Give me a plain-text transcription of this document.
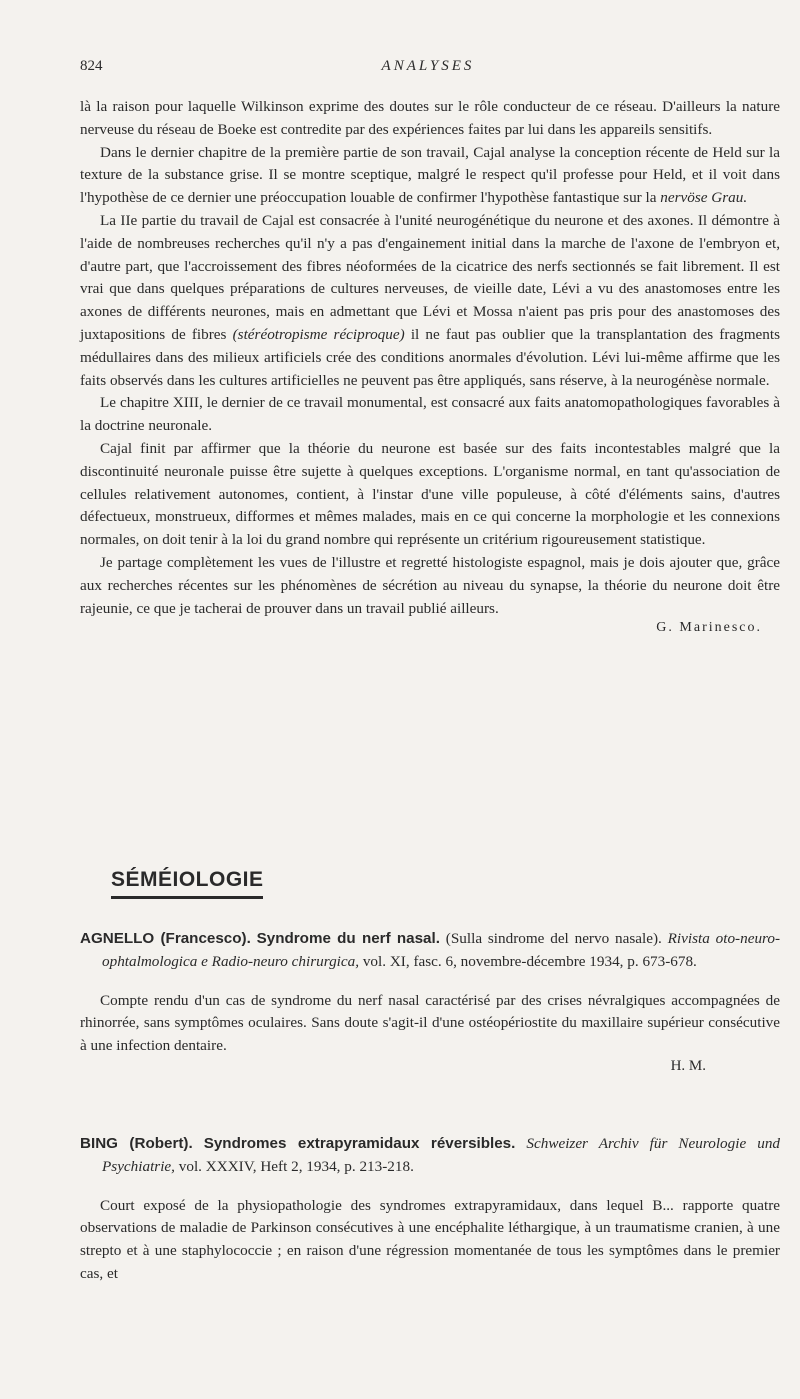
824	ANALYSES

là la raison pour laquelle Wilkinson exprime des doutes sur le rôle conducteur de ce réseau. D'ailleurs la nature nerveuse du réseau de Boeke est contredite par des expériences faites par lui dans les appareils sensitifs.

Dans le dernier chapitre de la première partie de son travail, Cajal analyse la conception récente de Held sur la texture de la substance grise. Il se montre sceptique, malgré le respect qu'il professe pour Held, et il voit dans l'hypothèse de ce dernier une préoccupation louable de confirmer l'hypothèse fantastique sur la nervöse Grau.

La IIe partie du travail de Cajal est consacrée à l'unité neurogénétique du neurone et des axones. Il démontre à l'aide de nombreuses recherches qu'il n'y a pas d'engainement initial dans la marche de l'axone de l'embryon et, d'autre part, que l'accroissement des fibres néoformées de la cicatrice des nerfs sectionnés se fait librement. Il est vrai que dans quelques préparations de cultures nerveuses, de vieille date, Lévi a vu des anastomoses entre les axones de différents neurones, mais en admettant que Lévi et Mossa n'aient pas pris pour des anastomoses des juxtapositions de fibres (stéréotropisme réciproque) il ne faut pas oublier que la transplantation des fragments médullaires dans des milieux artificiels crée des conditions anormales d'évolution. Lévi lui-même affirme que les faits observés dans les cultures artificielles ne peuvent pas être appliqués, sans réserve, à la neurogénèse normale.

Le chapitre XIII, le dernier de ce travail monumental, est consacré aux faits anatomopathologiques favorables à la doctrine neuronale.

Cajal finit par affirmer que la théorie du neurone est basée sur des faits incontestables malgré que la discontinuité neuronale puisse être sujette à quelques exceptions. L'organisme normal, en tant qu'association de cellules relativement autonomes, contient, à l'instar d'une ville populeuse, à côté d'éléments sains, d'autres défectueux, monstrueux, difformes et mêmes malades, mais en ce qui concerne la morphologie et les connexions normales, on doit tenir à la loi du grand nombre qui représente un critérium rigoureusement statistique.

Je partage complètement les vues de l'illustre et regretté histologiste espagnol, mais je dois ajouter que, grâce aux recherches récentes sur les phénomènes de sécrétion au niveau du synapse, la théorie du neurone doit être rajeunie, ce que je tacherai de prouver dans un travail publié ailleurs.

G. Marinesco.

SÉMÉIOLOGIE

AGNELLO (Francesco). Syndrome du nerf nasal. (Sulla sindrome del nervo nasale). Rivista oto-neuro-ophtalmologica e Radio-neuro chirurgica, vol. XI, fasc. 6, novembre-décembre 1934, p. 673-678.

Compte rendu d'un cas de syndrome du nerf nasal caractérisé par des crises névralgiques accompagnées de rhinorrée, sans symptômes oculaires. Sans doute s'agit-il d'une ostéopériostite du maxillaire supérieur consécutive à une infection dentaire.

H. M.

BING (Robert). Syndromes extrapyramidaux réversibles. Schweizer Archiv für Neurologie und Psychiatrie, vol. XXXIV, Heft 2, 1934, p. 213-218.

Court exposé de la physiopathologie des syndromes extrapyramidaux, dans lequel B... rapporte quatre observations de maladie de Parkinson consécutives à une encéphalite léthargique, à un traumatisme cranien, à une strepto et à une staphylococcie ; en raison d'une régression momentanée de tous les symptômes dans le premier cas, et
